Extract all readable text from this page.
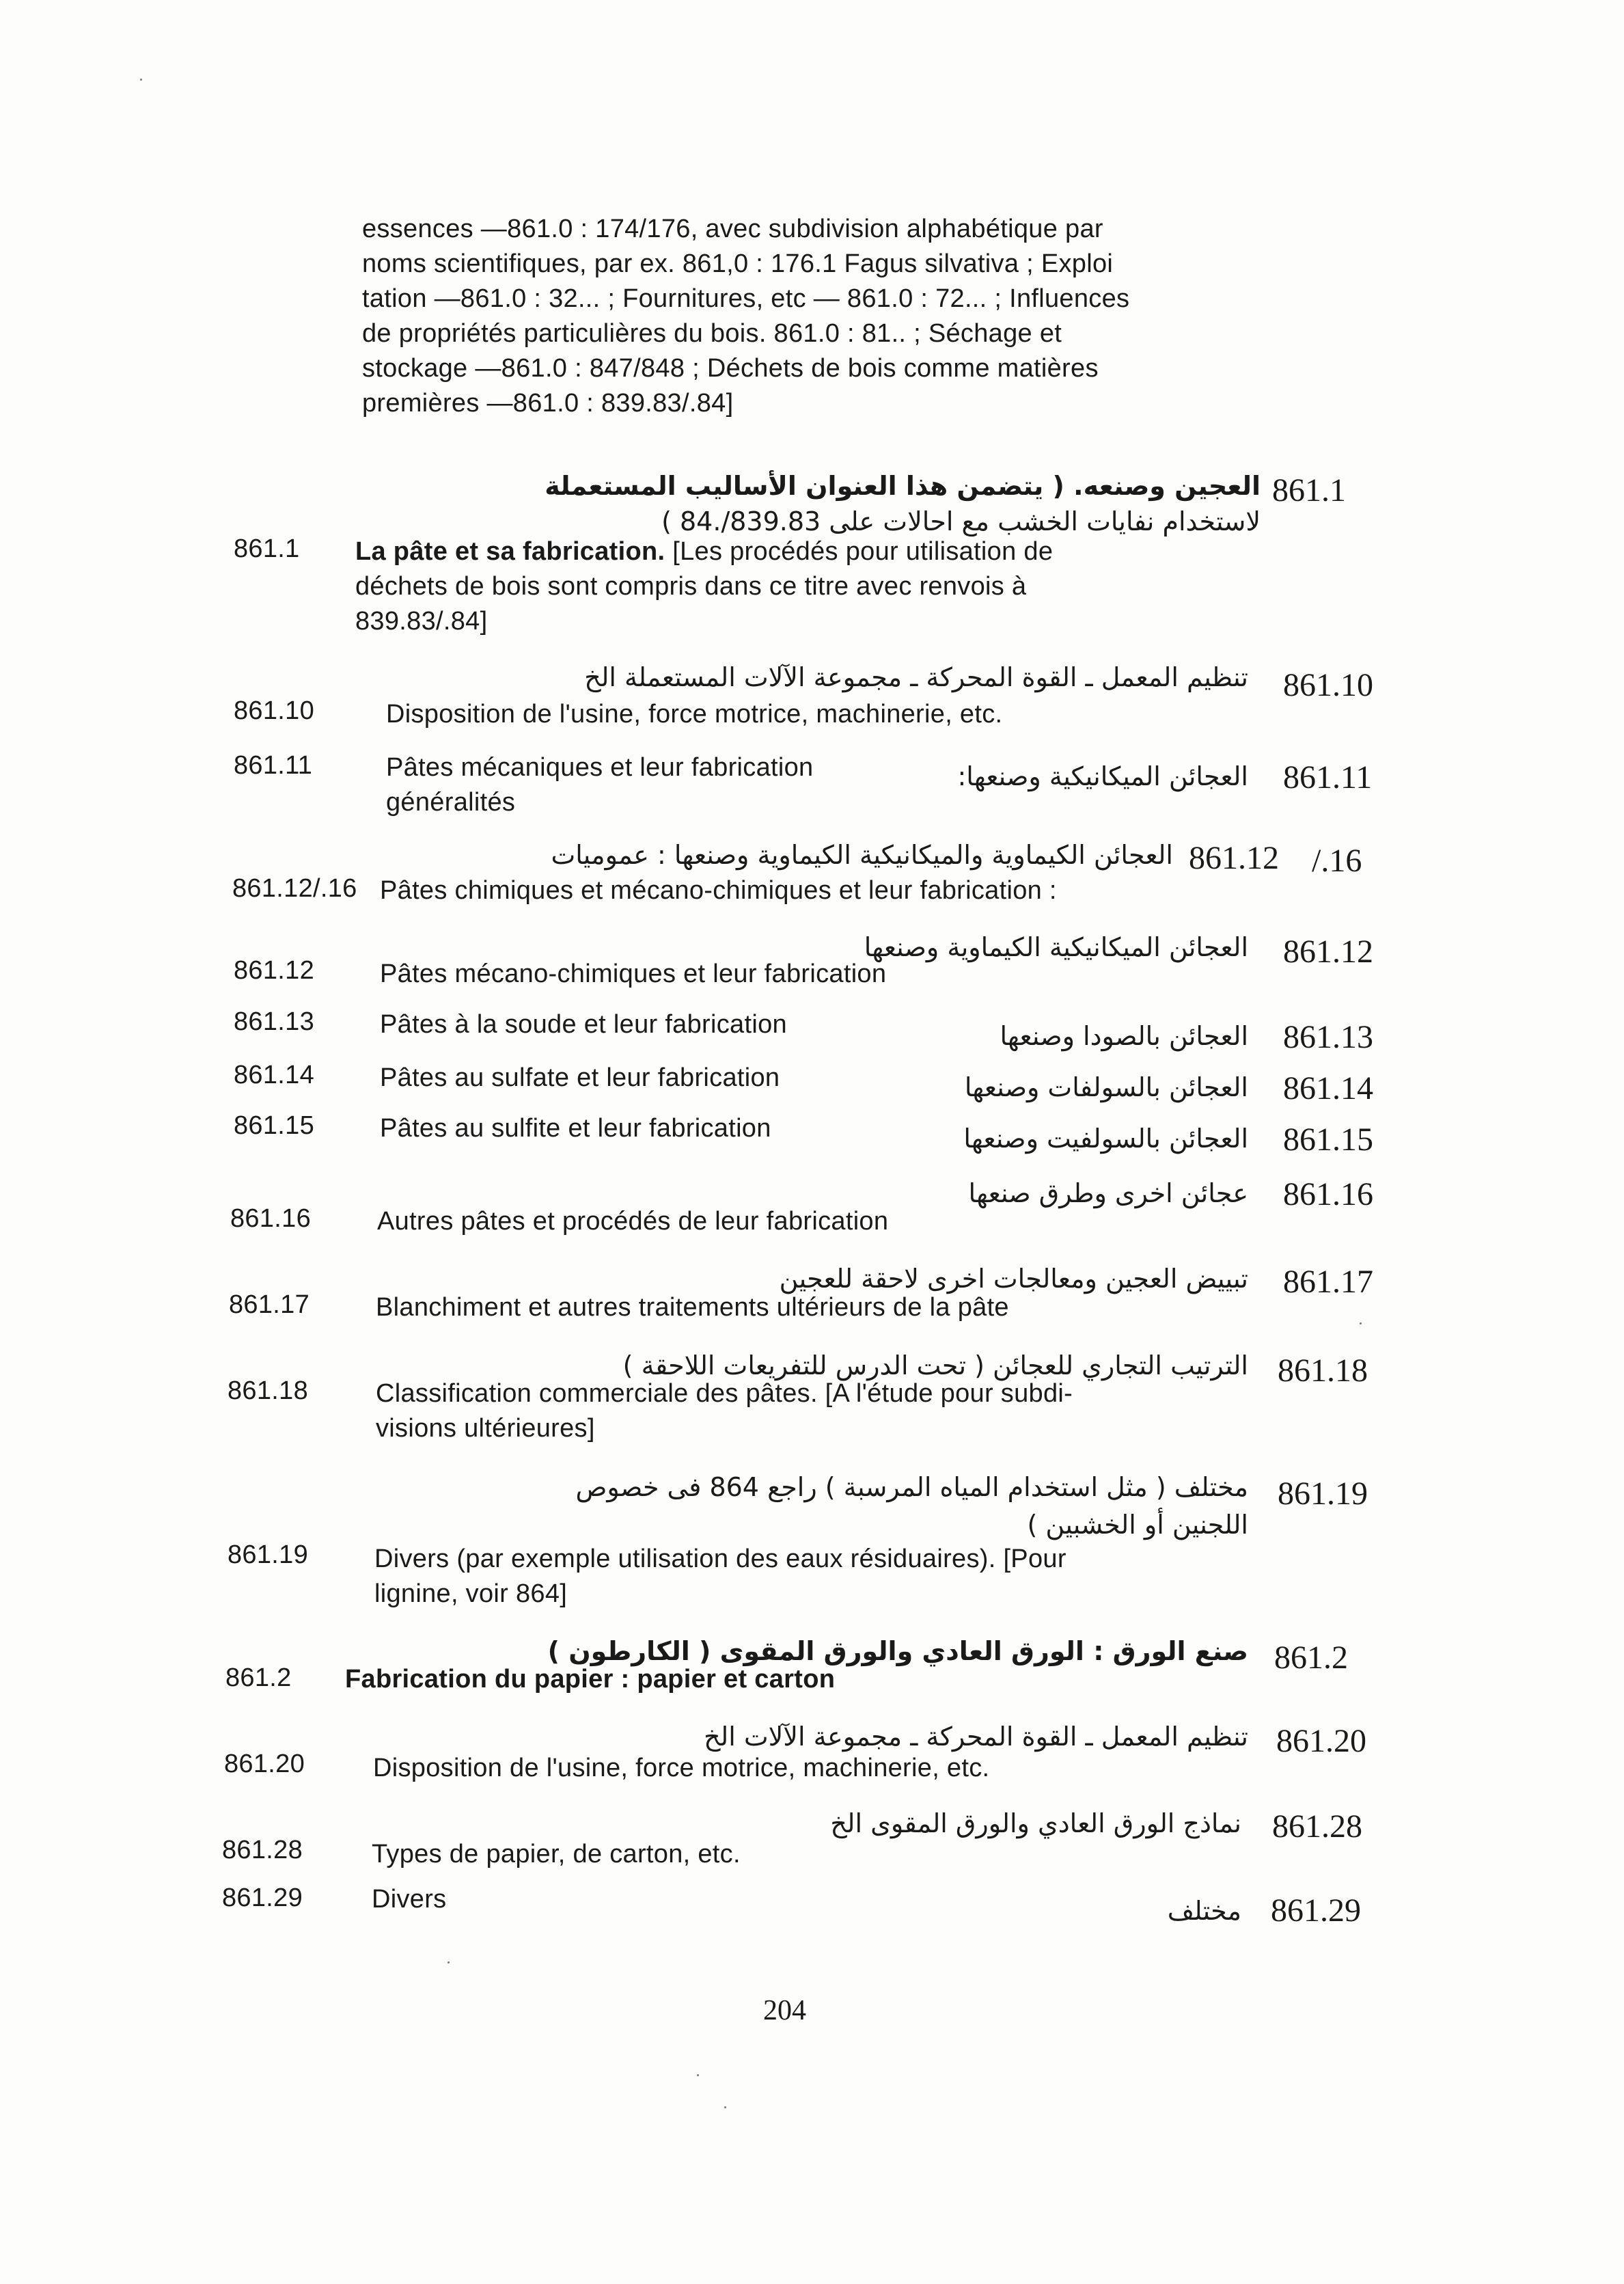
essences —861.0 : 174/176, avec subdivision alphabétique par
noms scientifiques, par ex. 861,0 : 176.1 Fagus silvativa ; Exploi
tation —861.0 : 32... ; Fournitures, etc — 861.0 : 72... ; Influences
de propriétés particulières du bois. 861.0 : 81.. ; Séchage et
stockage —861.0 : 847/848 ; Déchets de bois comme matières
premières —861.0 : 839.83/.84]
العجين وصنعه. ( يتضمن هذا العنوان الأساليب المستعملة 861.1
لاستخدام نفايات الخشب مع احالات على 839.83/.84 )
861.1 La pâte et sa fabrication. [Les procédés pour utilisation de
déchets de bois sont compris dans ce titre avec renvois à
839.83/.84]
تنظيم المعمل ـ القوة المحركة ـ مجموعة الآلات المستعملة الخ 861.10
861.10	Disposition de l'usine, force motrice, machinerie, etc.
861.11	Pâtes mécaniques et leur fabrication
généralités
العجائن الميكانيكية وصنعها: 861.11
العجائن الكيماوية والميكانيكية الكيماوية وصنعها : عموميات 861.12 /.16
861.12/.16 Pâtes chimiques et mécano-chimiques et leur fabrication :
العجائن الميكانيكية الكيماوية وصنعها 861.12
861.12	Pâtes mécano-chimiques et leur fabrication
861.13	Pâtes à la soude et leur fabrication	العجائن بالصودا وصنعها 861.13
861.14	Pâtes au sulfate et leur fabrication	العجائن بالسولفات وصنعها 861.14
861.15	Pâtes au sulfite et leur fabrication	العجائن بالسولفيت وصنعها 861.15
عجائن اخرى وطرق صنعها 861.16
861.16	Autres pâtes et procédés de leur fabrication
تبييض العجين ومعالجات اخرى لاحقة للعجين 861.17
861.17	Blanchiment et autres traitements ultérieurs de la pâte
الترتيب التجاري للعجائن ( تحت الدرس للتفريعات اللاحقة ) 861.18
861.18	Classification commerciale des pâtes. [A l'étude pour subdi-
visions ultérieures]
مختلف ( مثل استخدام المياه المرسبة ) راجع 864 فى خصوص 861.19
اللجنين أو الخشبين )
861.19	Divers (par exemple utilisation des eaux résiduaires). [Pour
lignine, voir 864]
صنع الورق : الورق العادي والورق المقوى ( الكارطون ) 861.2
861.2 Fabrication du papier : papier et carton
تنظيم المعمل ـ القوة المحركة ـ مجموعة الآلات الخ 861.20
861.20	Disposition de l'usine, force motrice, machinerie, etc.
نماذج الورق العادي والورق المقوى الخ 861.28
861.28	Types de papier, de carton, etc.
861.29	Divers	مختلف 861.29
204
